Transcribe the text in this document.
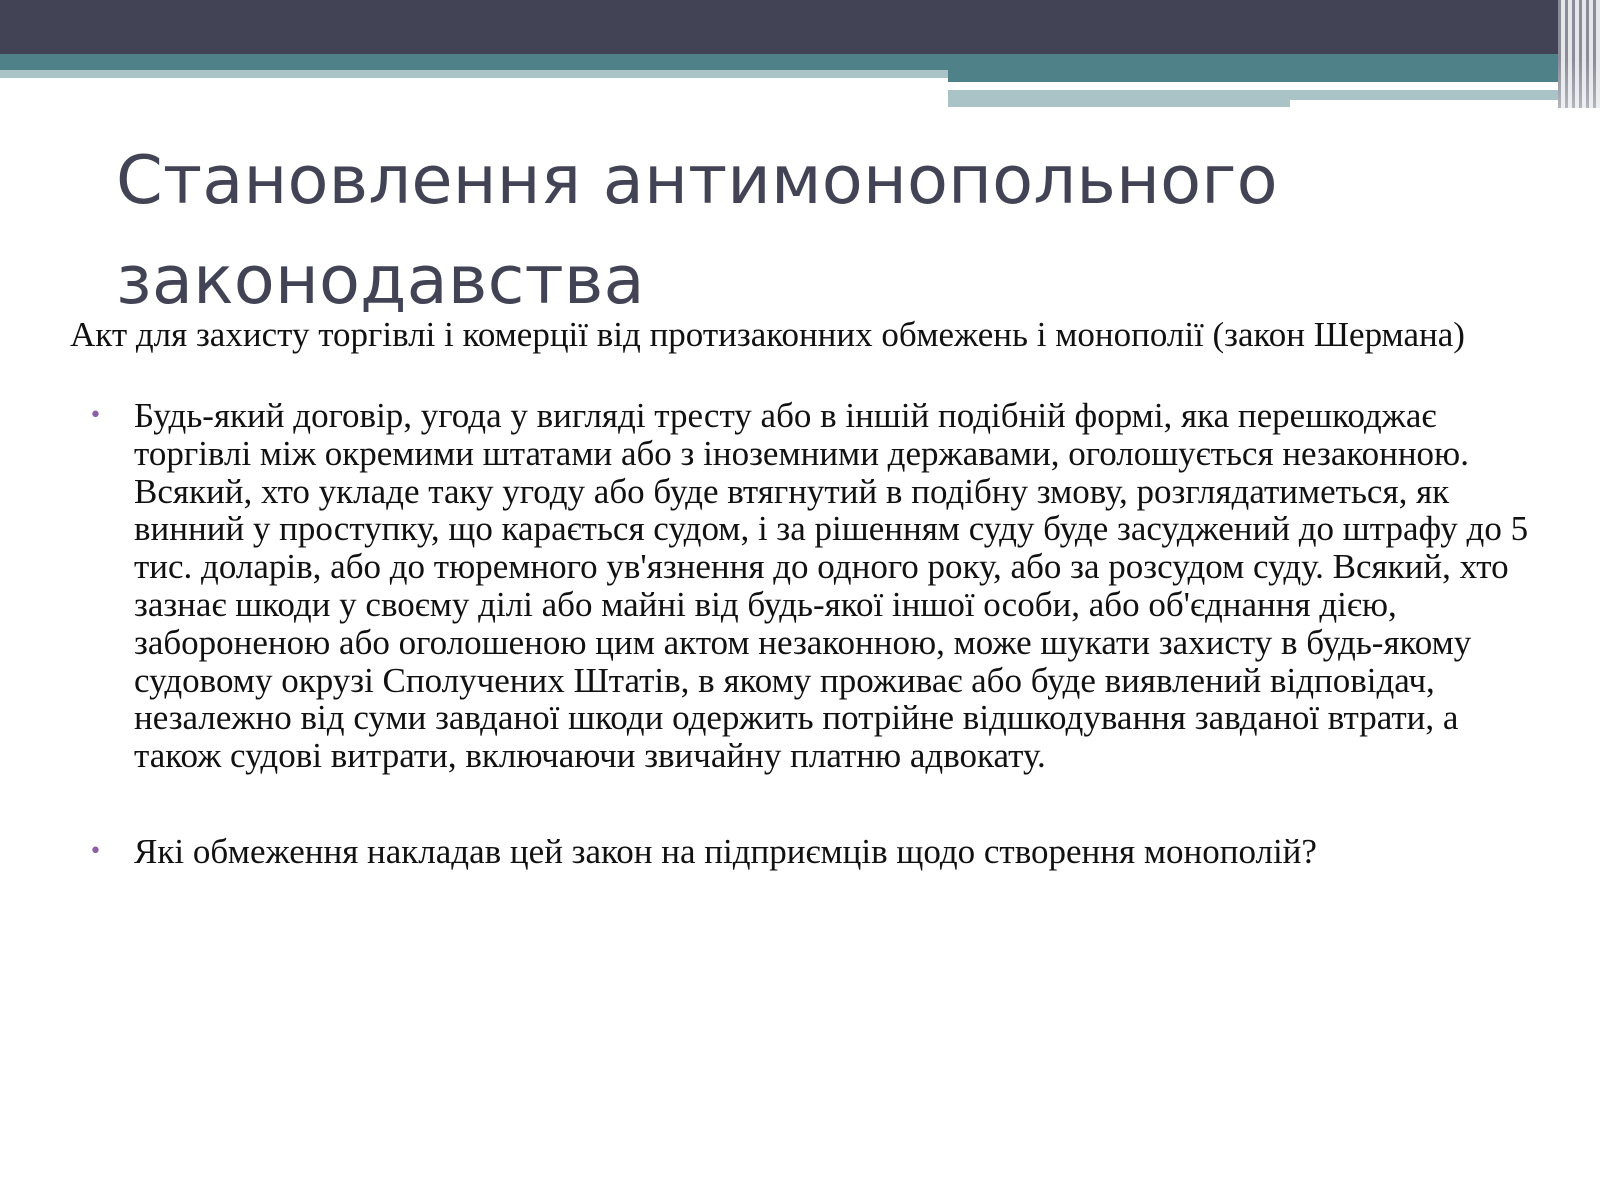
Становлення антимонопольного законодавства

Акт для захисту торгівлі і комерції від протизаконних обмежень і монополії (закон Шермана)

• Будь-який договір, угода у вигляді тресту або в іншій подібній формі, яка перешкоджає торгівлі між окремими штатами або з іноземними державами, оголошується незаконною. Всякий, хто укладе таку угоду або буде втягнутий в подібну змову, розглядатиметься, як винний у проступку, що карається судом, і за рішенням суду буде засуджений до штрафу до 5 тис. доларів, або до тюремного ув'язнення до одного року, або за розсудом суду. Всякий, хто зазнає шкоди у своєму ділі або майні від будь-якої іншої особи, або об'єднання дією, забороненою або оголошеною цим актом незаконною, може шукати захисту в будь-якому судовому окрузі Сполучених Штатів, в якому проживає або буде виявлений відповідач, незалежно від суми завданої шкоди одержить потрійне відшкодування завданої втрати, а також судові витрати, включаючи звичайну платню адвокату.
• Які обмеження накладав цей закон на підприємців щодо створення монополій?
